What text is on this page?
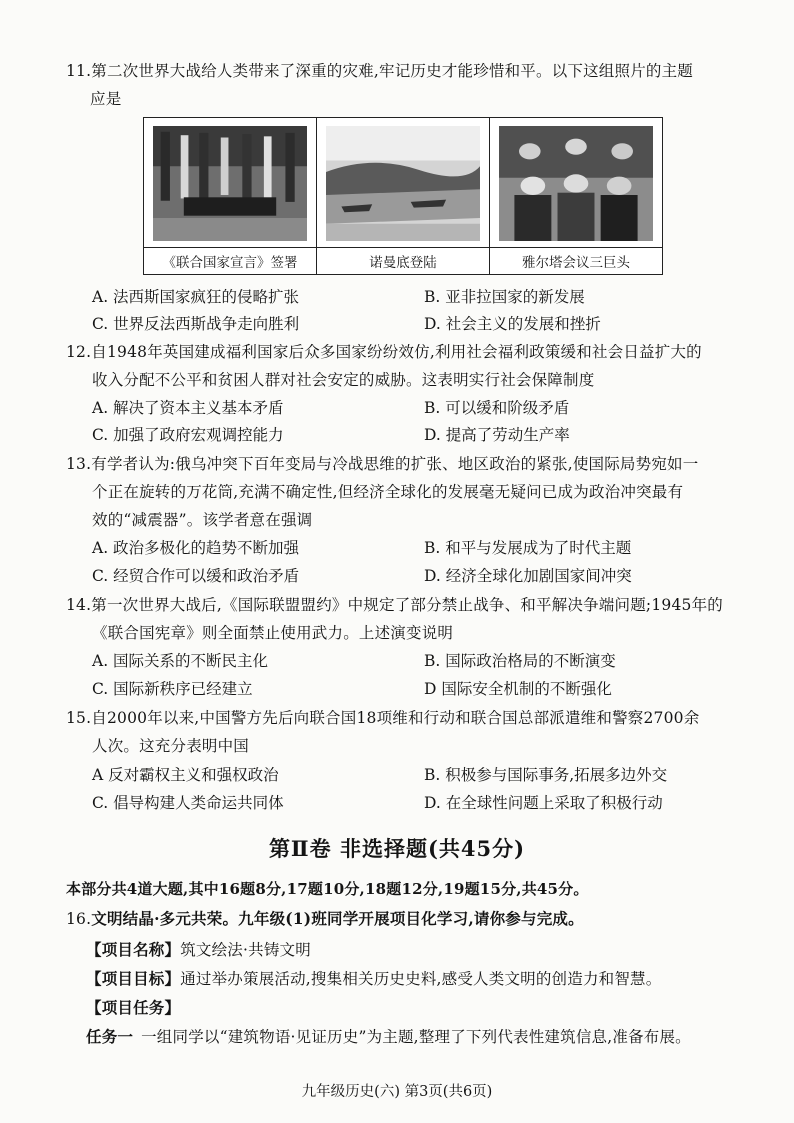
11.第二次世界大战给人类带来了深重的灾难,牢记历史才能珍惜和平。以下这组照片的主题
应是
《联合国家宣言》签署	诺曼底登陆	雅尔塔会议三巨头
A. 法西斯国家疯狂的侵略扩张	B. 亚非拉国家的新发展
C. 世界反法西斯战争走向胜利	D. 社会主义的发展和挫折
12.自1948年英国建成福利国家后众多国家纷纷效仿,利用社会福利政策缓和社会日益扩大的
收入分配不公平和贫困人群对社会安定的威胁。这表明实行社会保障制度
A. 解决了资本主义基本矛盾	B. 可以缓和阶级矛盾
C. 加强了政府宏观调控能力	D. 提高了劳动生产率
13.有学者认为:俄乌冲突下百年变局与冷战思维的扩张、地区政治的紧张,使国际局势宛如一
个正在旋转的万花筒,充满不确定性,但经济全球化的发展毫无疑问已成为政治冲突最有
效的“减震器”。该学者意在强调
A. 政治多极化的趋势不断加强	B. 和平与发展成为了时代主题
C. 经贸合作可以缓和政治矛盾	D. 经济全球化加剧国家间冲突
14.第一次世界大战后,《国际联盟盟约》中规定了部分禁止战争、和平解决争端问题;1945年的
《联合国宪章》则全面禁止使用武力。上述演变说明
A. 国际关系的不断民主化	B. 国际政治格局的不断演变
C. 国际新秩序已经建立	D 国际安全机制的不断强化
15.自2000年以来,中国警方先后向联合国18项维和行动和联合国总部派遣维和警察2700余
人次。这充分表明中国
A 反对霸权主义和强权政治	B. 积极参与国际事务,拓展多边外交
C. 倡导构建人类命运共同体	D. 在全球性问题上采取了积极行动
第Ⅱ卷 非选择题(共45分)
本部分共4道大题,其中16题8分,17题10分,18题12分,19题15分,共45分。
16.文明结晶·多元共荣。九年级(1)班同学开展项目化学习,请你参与完成。
【项目名称】筑文绘法·共铸文明
【项目目标】通过举办策展活动,搜集相关历史史料,感受人类文明的创造力和智慧。
【项目任务】
任务一 一组同学以“建筑物语·见证历史”为主题,整理了下列代表性建筑信息,准备布展。
九年级历史(六) 第3页(共6页)
